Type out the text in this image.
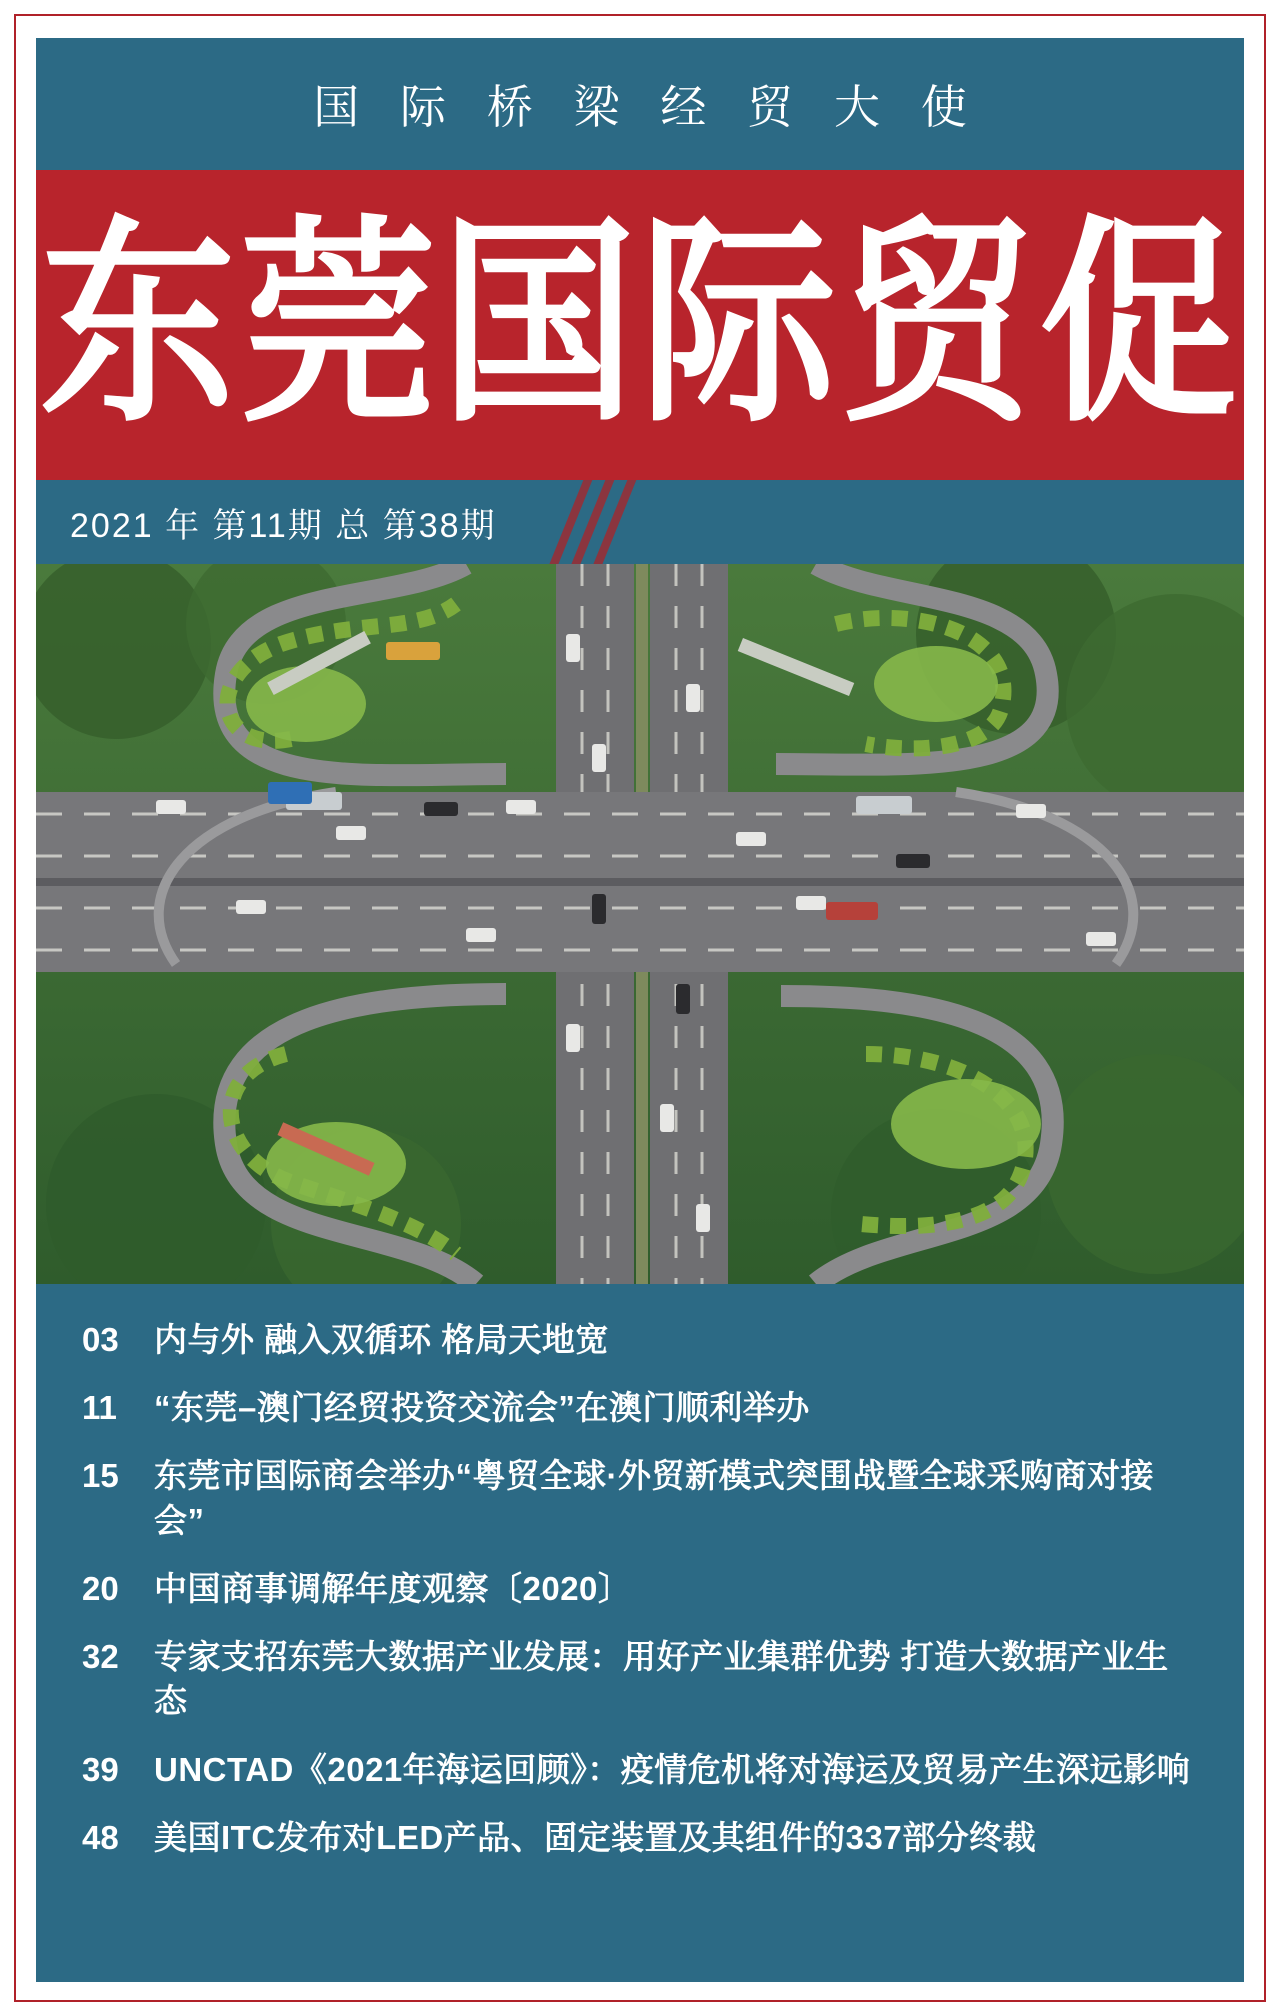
国 际 桥 梁 经 贸 大 使
东莞国际贸促
2021 年 第11期 总 第38期
03	内与外 融入双循环 格局天地宽
11	“东莞–澳门经贸投资交流会”在澳门顺利举办
15	东莞市国际商会举办“粤贸全球·外贸新模式突围战暨全球采购商对接会”
20	中国商事调解年度观察〔2020〕
32	专家支招东莞大数据产业发展：用好产业集群优势 打造大数据产业生态
39	UNCTAD《2021年海运回顾》：疫情危机将对海运及贸易产生深远影响
48	美国ITC发布对LED产品、固定装置及其组件的337部分终裁
